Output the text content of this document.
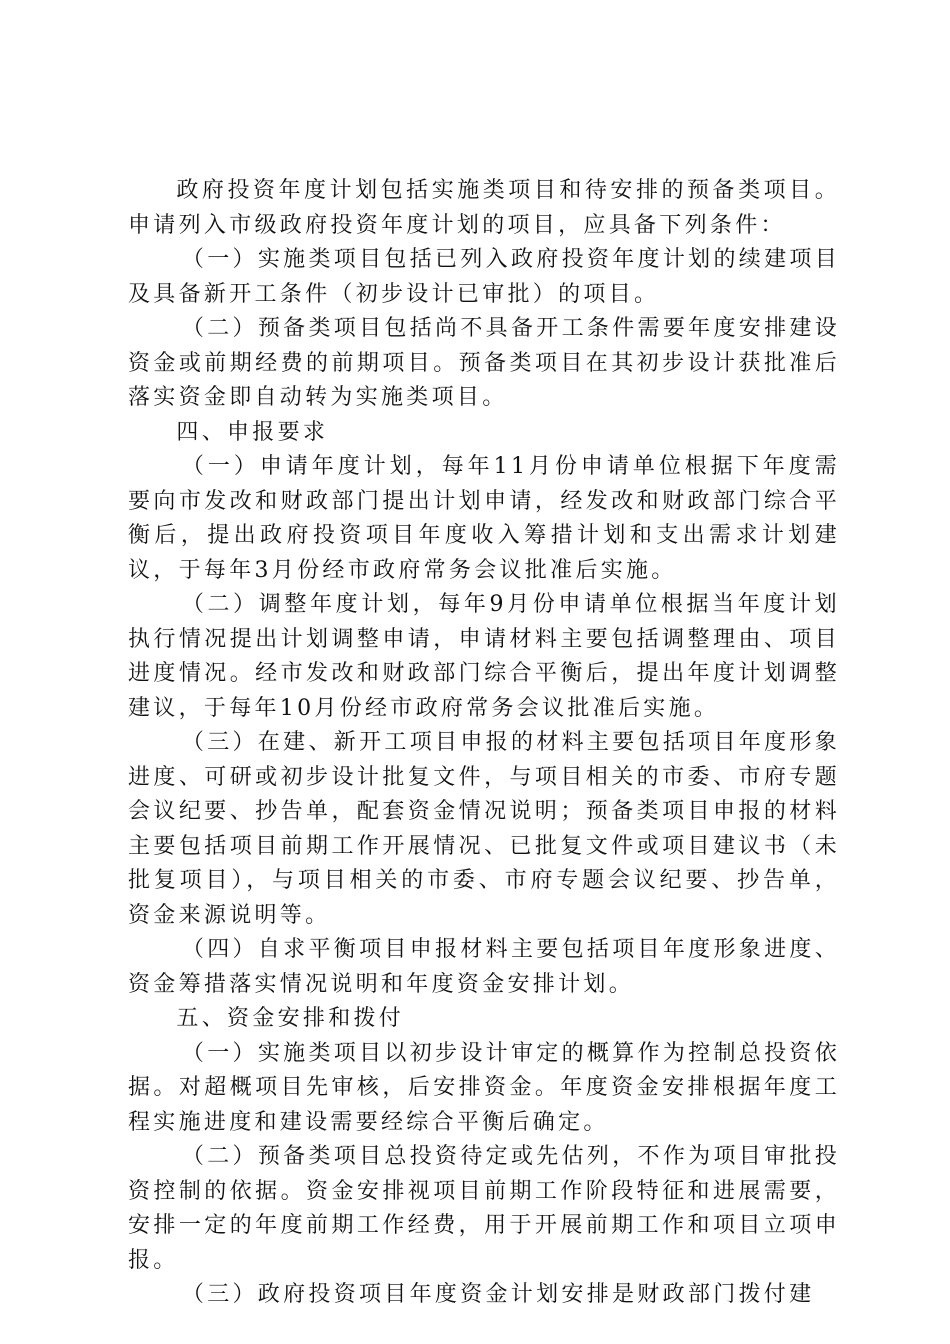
政府投资年度计划包括实施类项目和待安排的预备类项目。申请列入市级政府投资年度计划的项目，应具备下列条件：

（一）实施类项目包括已列入政府投资年度计划的续建项目及具备新开工条件（初步设计已审批）的项目。

（二）预备类项目包括尚不具备开工条件需要年度安排建设资金或前期经费的前期项目。预备类项目在其初步设计获批准后落实资金即自动转为实施类项目。

四、申报要求

（一）申请年度计划，每年11月份申请单位根据下年度需要向市发改和财政部门提出计划申请，经发改和财政部门综合平衡后，提出政府投资项目年度收入筹措计划和支出需求计划建议，于每年3月份经市政府常务会议批准后实施。

（二）调整年度计划，每年9月份申请单位根据当年度计划执行情况提出计划调整申请，申请材料主要包括调整理由、项目进度情况。经市发改和财政部门综合平衡后，提出年度计划调整建议，于每年10月份经市政府常务会议批准后实施。

（三）在建、新开工项目申报的材料主要包括项目年度形象进度、可研或初步设计批复文件，与项目相关的市委、市府专题会议纪要、抄告单，配套资金情况说明；预备类项目申报的材料主要包括项目前期工作开展情况、已批复文件或项目建议书（未批复项目），与项目相关的市委、市府专题会议纪要、抄告单，资金来源说明等。

（四）自求平衡项目申报材料主要包括项目年度形象进度、资金筹措落实情况说明和年度资金安排计划。

五、资金安排和拨付

（一）实施类项目以初步设计审定的概算作为控制总投资依据。对超概项目先审核，后安排资金。年度资金安排根据年度工程实施进度和建设需要经综合平衡后确定。

（二）预备类项目总投资待定或先估列，不作为项目审批投资控制的依据。资金安排视项目前期工作阶段特征和进展需要，安排一定的年度前期工作经费，用于开展前期工作和项目立项申报。

（三）政府投资项目年度资金计划安排是财政部门拨付建
